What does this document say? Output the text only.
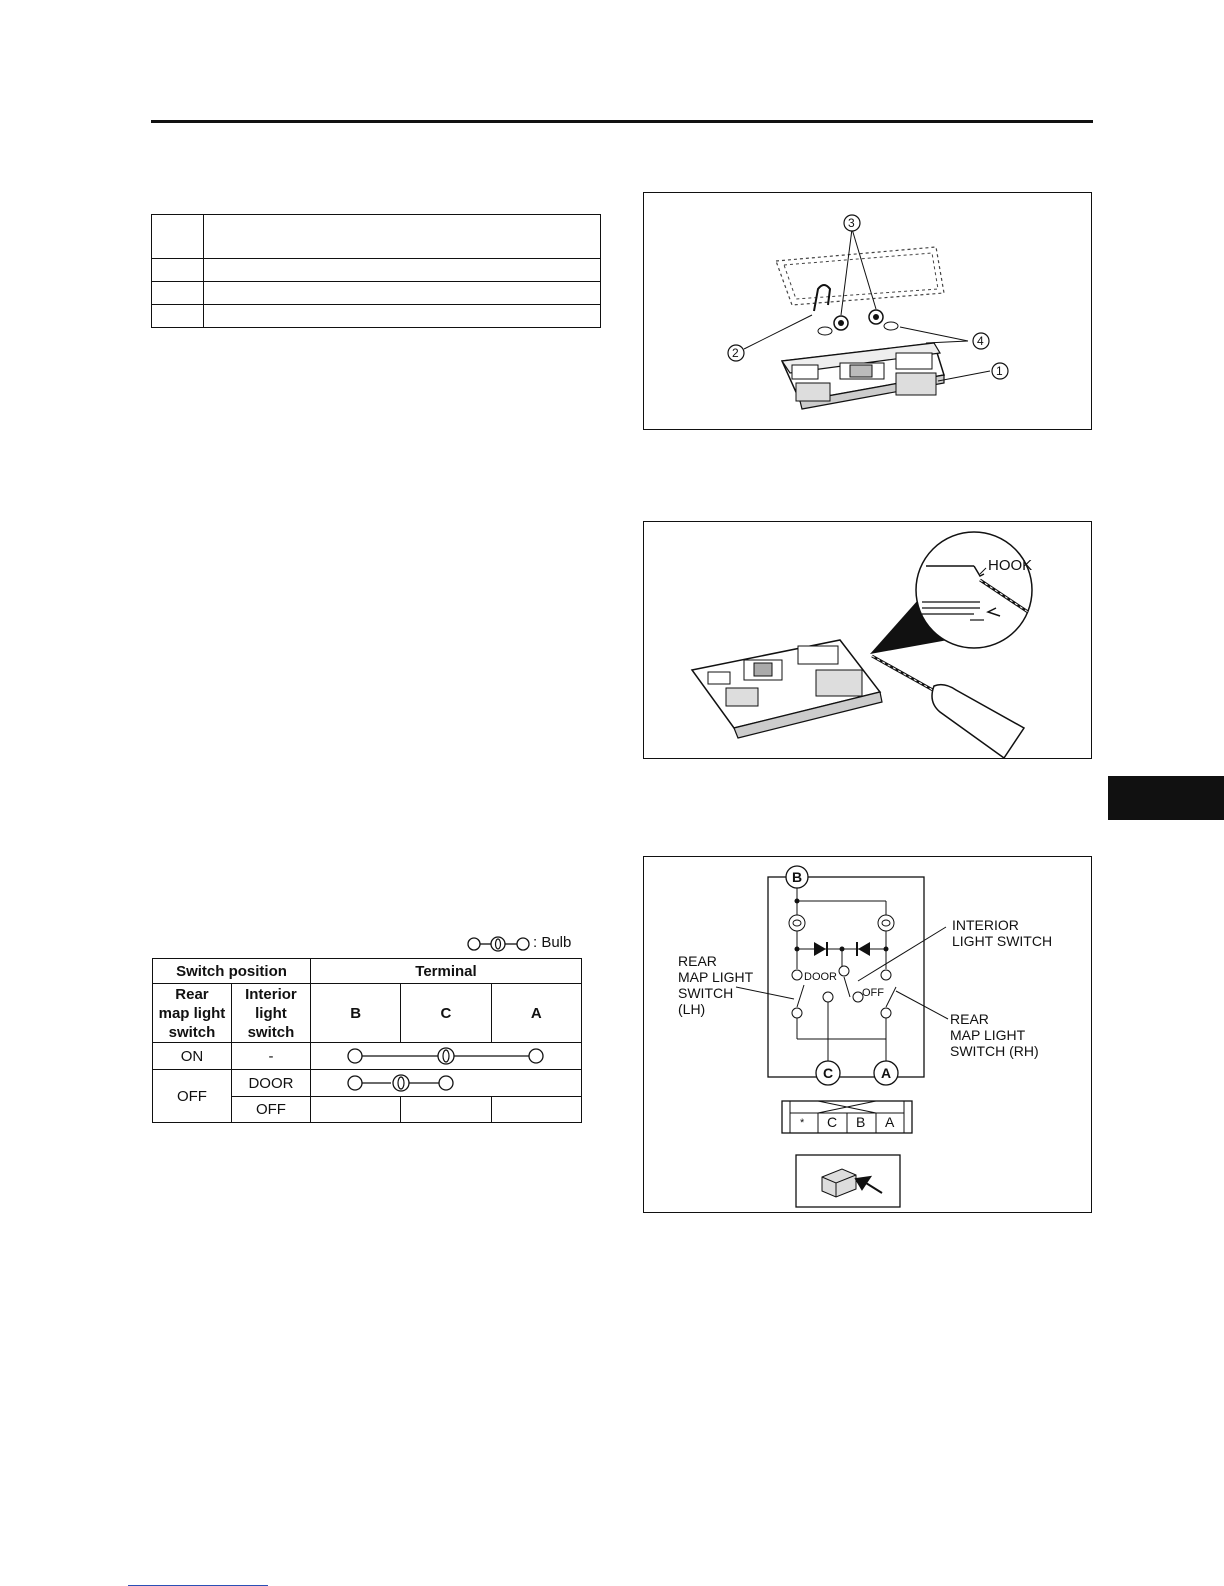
: Bulb
Switch position		Terminal		
Rear
map light
switch	Interior
light
switch	B	C	A
ON	-	

OFF	DOOR	

	OFF			
3
2
4
1
HOOK
B
C	A
DOOR
OFF
INTERIOR
LIGHT SWITCH
REAR
MAP LIGHT
SWITCH
(LH)
REAR
MAP LIGHT
SWITCH (RH)
* C B A
